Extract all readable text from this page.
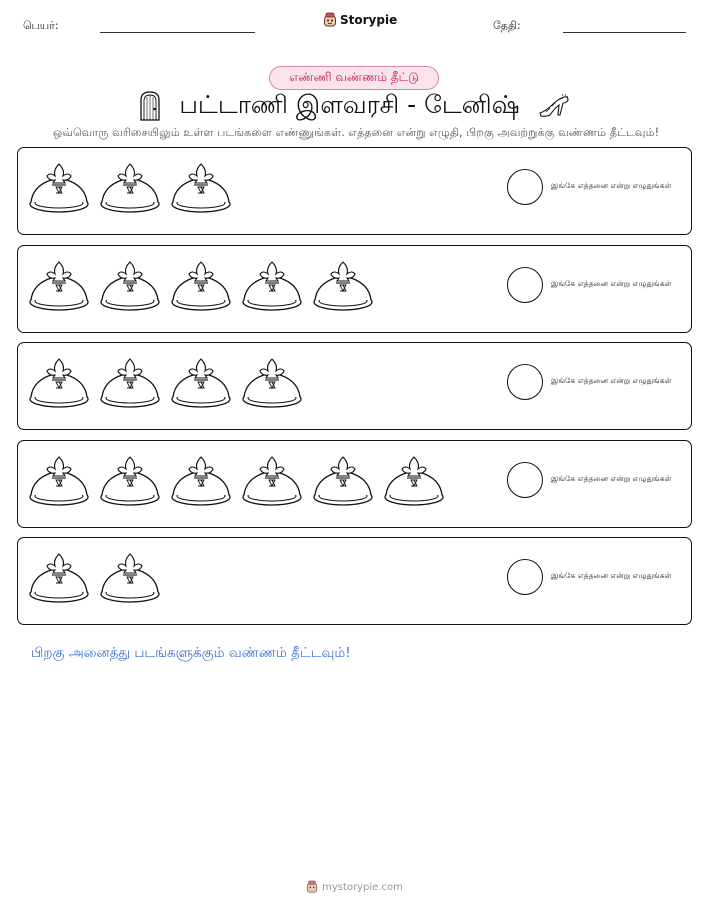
பெயர்:	Storypie	தேதி:
எண்ணி வண்ணம் தீட்டு
பட்டாணி இளவரசி - டேனிஷ்
ஒவ்வொரு வரிசையிலும் உள்ள படங்களை எண்ணுங்கள். எத்தனை என்று எழுதி, பிறகு அவற்றுக்கு வண்ணம் தீட்டவும்!
இங்கே எத்தனை என்று எழுதுங்கள்
இங்கே எத்தனை என்று எழுதுங்கள்
இங்கே எத்தனை என்று எழுதுங்கள்
இங்கே எத்தனை என்று எழுதுங்கள்
இங்கே எத்தனை என்று எழுதுங்கள்
பிறகு அனைத்து படங்களுக்கும் வண்ணம் தீட்டவும்!
mystorypie.com
